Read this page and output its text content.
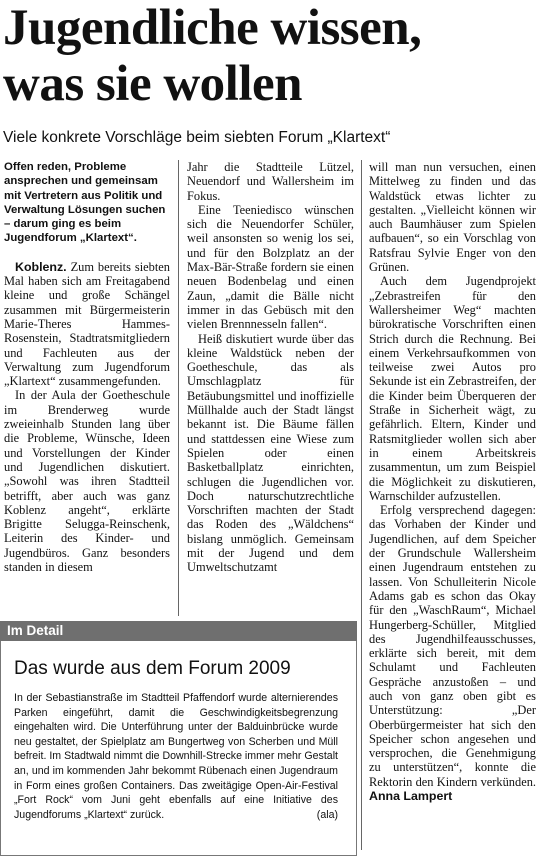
Jugendliche wissen,
was sie wollen
Viele konkrete Vorschläge beim siebten Forum „Klartext“
Offen reden, Probleme ansprechen und gemeinsam mit Vertretern aus Politik und Verwaltung Lösungen suchen – darum ging es beim Jugendforum „Klartext“.

Koblenz. Zum bereits siebten Mal haben sich am Freitagabend kleine und große Schängel zusammen mit Bürgermeisterin Marie-Theres Hammes-Rosenstein, Stadtratsmitgliedern und Fachleuten aus der Verwaltung zum Jugendforum „Klartext“ zusammengefunden.

In der Aula der Goetheschule im Brenderweg wurde zweieinhalb Stunden lang über die Probleme, Wünsche, Ideen und Vorstellungen der Kinder und Jugendlichen diskutiert. „Sowohl was ihren Stadtteil betrifft, aber auch was ganz Koblenz angeht“, erklärte Brigitte Seluggа-Reinschenk, Leiterin des Kinder- und Jugendbüros. Ganz besonders standen in diesem

Jahr die Stadtteile Lützel, Neuendorf und Wallersheim im Fokus.

Eine Teeniedisco wünschen sich die Neuendorfer Schüler, weil ansonsten so wenig los sei, und für den Bolzplatz an der Max-Bär-Straße fordern sie einen neuen Bodenbelag und einen Zaun, „damit die Bälle nicht immer in das Gebüsch mit den vielen Brennnesseln fallen“.

Heiß diskutiert wurde über das kleine Waldstück neben der Goetheschule, das als Umschlagplatz für Betäubungsmittel und inoffizielle Müllhalde auch der Stadt längst bekannt ist. Die Bäume fällen und stattdessen eine Wiese zum Spielen oder einen Basketballplatz einrichten, schlugen die Jugendlichen vor. Doch naturschutzrechtliche Vorschriften machten der Stadt das Roden des „Wäldchens“ bislang unmöglich. Gemeinsam mit der Jugend und dem Umweltschutzamt

will man nun versuchen, einen Mittelweg zu finden und das Waldstück etwas lichter zu gestalten. „Vielleicht können wir auch Baumhäuser zum Spielen aufbauen“, so ein Vorschlag von Ratsfrau Sylvie Enger von den Grünen.

Auch dem Jugendprojekt „Zebrastreifen für den Wallersheimer Weg“ machten bürokratische Vorschriften einen Strich durch die Rechnung. Bei einem Verkehrsaufkommen von teilweise zwei Autos pro Sekunde ist ein Zebrastreifen, der die Kinder beim Überqueren der Straße in Sicherheit wägt, zu gefährlich. Eltern, Kinder und Ratsmitglieder wollen sich aber in einem Arbeitskreis zusammentun, um zum Beispiel die Möglichkeit zu diskutieren, Warnschilder aufzustellen.

Erfolg versprechend dagegen: das Vorhaben der Kinder und Jugendlichen, auf dem Speicher der Grundschule Wallersheim einen Jugendraum entstehen zu lassen. Von Schulleiterin Nicole Adams gab es schon das Okay für den „WaschRaum“, Michael Hungerberg-Schüller, Mitglied des Jugendhilfeausschusses, erklärte sich bereit, mit dem Schulamt und Fachleuten Gespräche anzustoßen – und auch von ganz oben gibt es Unterstützung: „Der Oberbürgermeister hat sich den Speicher schon angesehen und versprochen, die Genehmigung zu unterstützen“, konnte die Rektorin den Kindern verkünden. Anna Lampert

Im Detail
Das wurde aus dem Forum 2009
In der Sebastianstraße im Stadtteil Pfaffendorf wurde alternierendes Parken eingeführt, damit die Geschwindigkeitsbegrenzung eingehalten wird. Die Unterführung unter der Balduinbrücke wurde neu gestaltet, der Spielplatz am Bungertweg von Scherben und Müll befreit. Im Stadtwald nimmt die Downhill-Strecke immer mehr Gestalt an, und im kommenden Jahr bekommt Rübenach einen Jugendraum in Form eines großen Containers. Das zweitägige Open-Air-Festival „Fort Rock“ vom Juni geht ebenfalls auf eine Initiative des Jugendforums „Klartext“ zurück.	(ala)
